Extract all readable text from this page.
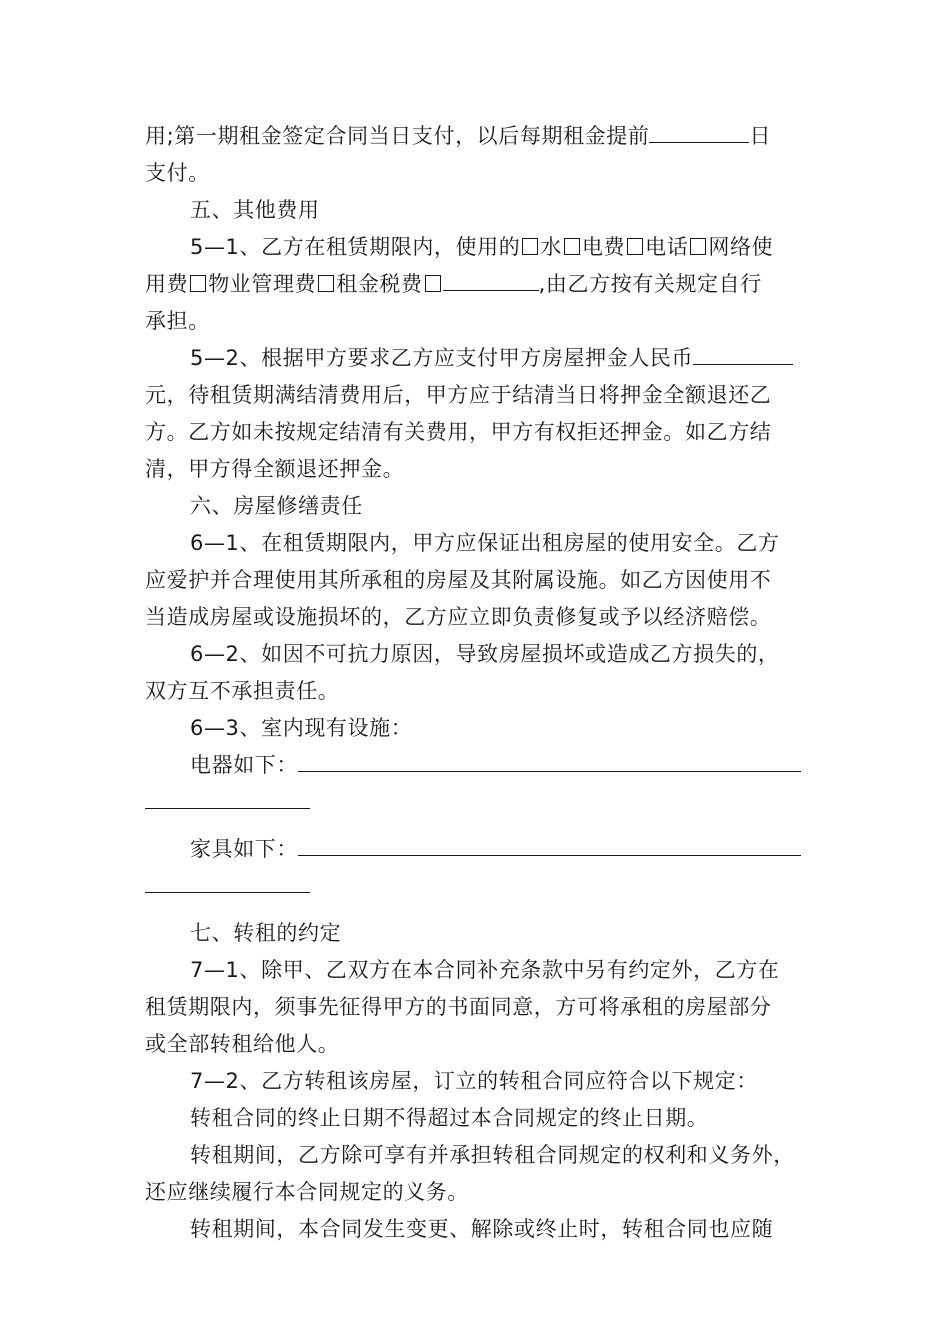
用;第一期租金签定合同当日支付，以后每期租金提前	日
支付。
五、其他费用
5—1、乙方在租赁期限内，使用的 水 电费 电话 网络使
用费 物业管理费 租金税费	,由乙方按有关规定自行
承担。
5—2、根据甲方要求乙方应支付甲方房屋押金人民币
元，待租赁期满结清费用后，甲方应于结清当日将押金全额退还乙
方。乙方如未按规定结清有关费用，甲方有权拒还押金。如乙方结
清，甲方得全额退还押金。
六、房屋修缮责任
6—1、在租赁期限内，甲方应保证出租房屋的使用安全。乙方
应爱护并合理使用其所承租的房屋及其附属设施。如乙方因使用不
当造成房屋或设施损坏的，乙方应立即负责修复或予以经济赔偿。
6—2、如因不可抗力原因，导致房屋损坏或造成乙方损失的，
双方互不承担责任。
6—3、室内现有设施：
电器如下：
家具如下：
七、转租的约定
7—1、除甲、乙双方在本合同补充条款中另有约定外，乙方在
租赁期限内，须事先征得甲方的书面同意，方可将承租的房屋部分
或全部转租给他人。
7—2、乙方转租该房屋，订立的转租合同应符合以下规定：
转租合同的终止日期不得超过本合同规定的终止日期。
转租期间，乙方除可享有并承担转租合同规定的权利和义务外，
还应继续履行本合同规定的义务。
转租期间，本合同发生变更、解除或终止时，转租合同也应随
